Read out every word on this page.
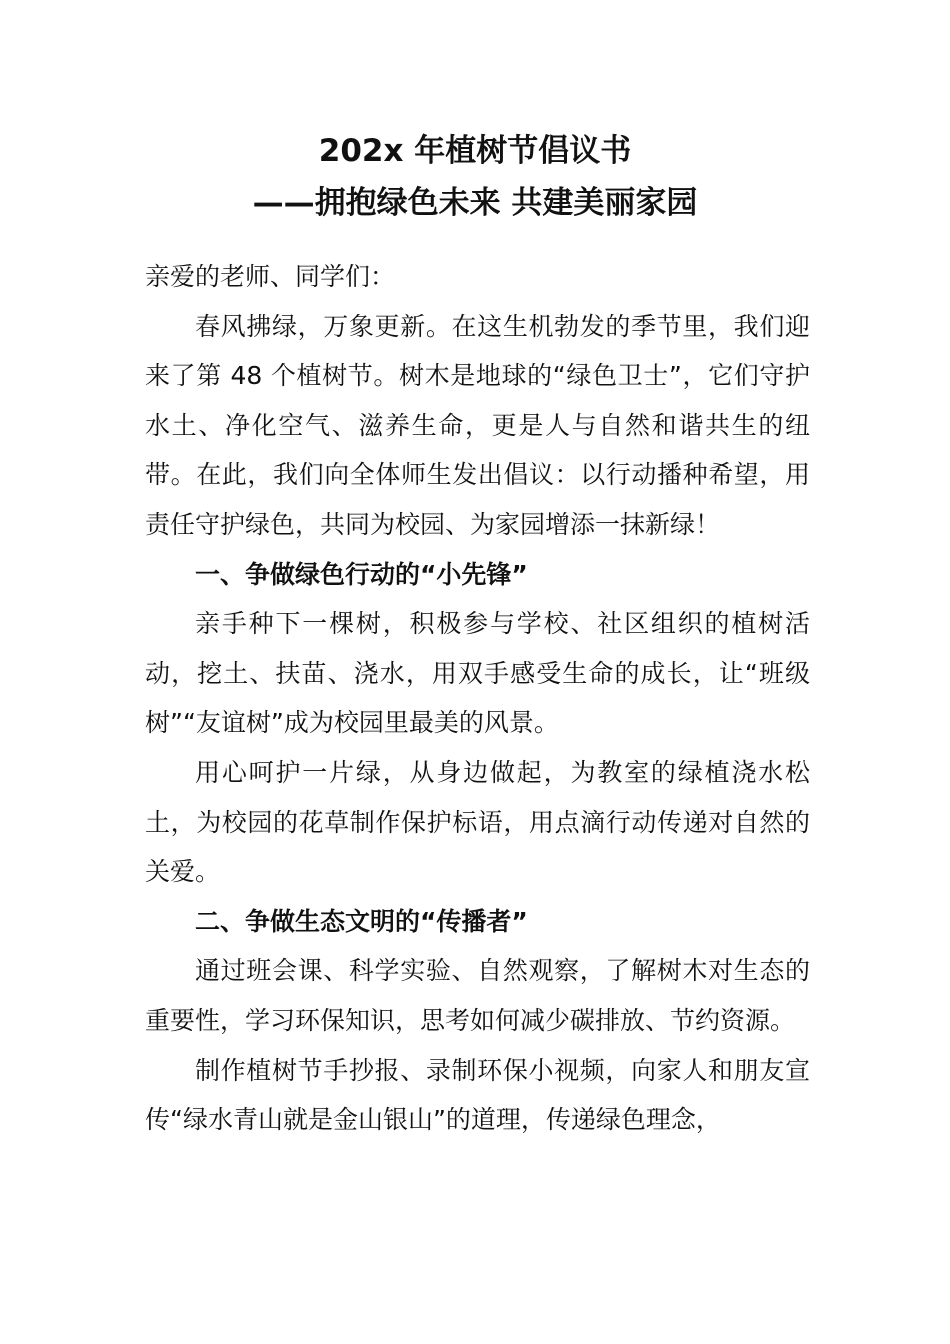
202x 年植树节倡议书
——拥抱绿色未来 共建美丽家园

亲爱的老师、同学们：

春风拂绿，万象更新。在这生机勃发的季节里，我们迎来了第 48 个植树节。树木是地球的“绿色卫士”，它们守护水土、净化空气、滋养生命，更是人与自然和谐共生的纽带。在此，我们向全体师生发出倡议：以行动播种希望，用责任守护绿色，共同为校园、为家园增添一抹新绿！

一、争做绿色行动的“小先锋”

亲手种下一棵树，积极参与学校、社区组织的植树活动，挖土、扶苗、浇水，用双手感受生命的成长，让“班级树”“友谊树”成为校园里最美的风景。

用心呵护一片绿，从身边做起，为教室的绿植浇水松土，为校园的花草制作保护标语，用点滴行动传递对自然的关爱。

二、争做生态文明的“传播者”

通过班会课、科学实验、自然观察，了解树木对生态的重要性，学习环保知识，思考如何减少碳排放、节约资源。

制作植树节手抄报、录制环保小视频，向家人和朋友宣传“绿水青山就是金山银山”的道理，传递绿色理念，
